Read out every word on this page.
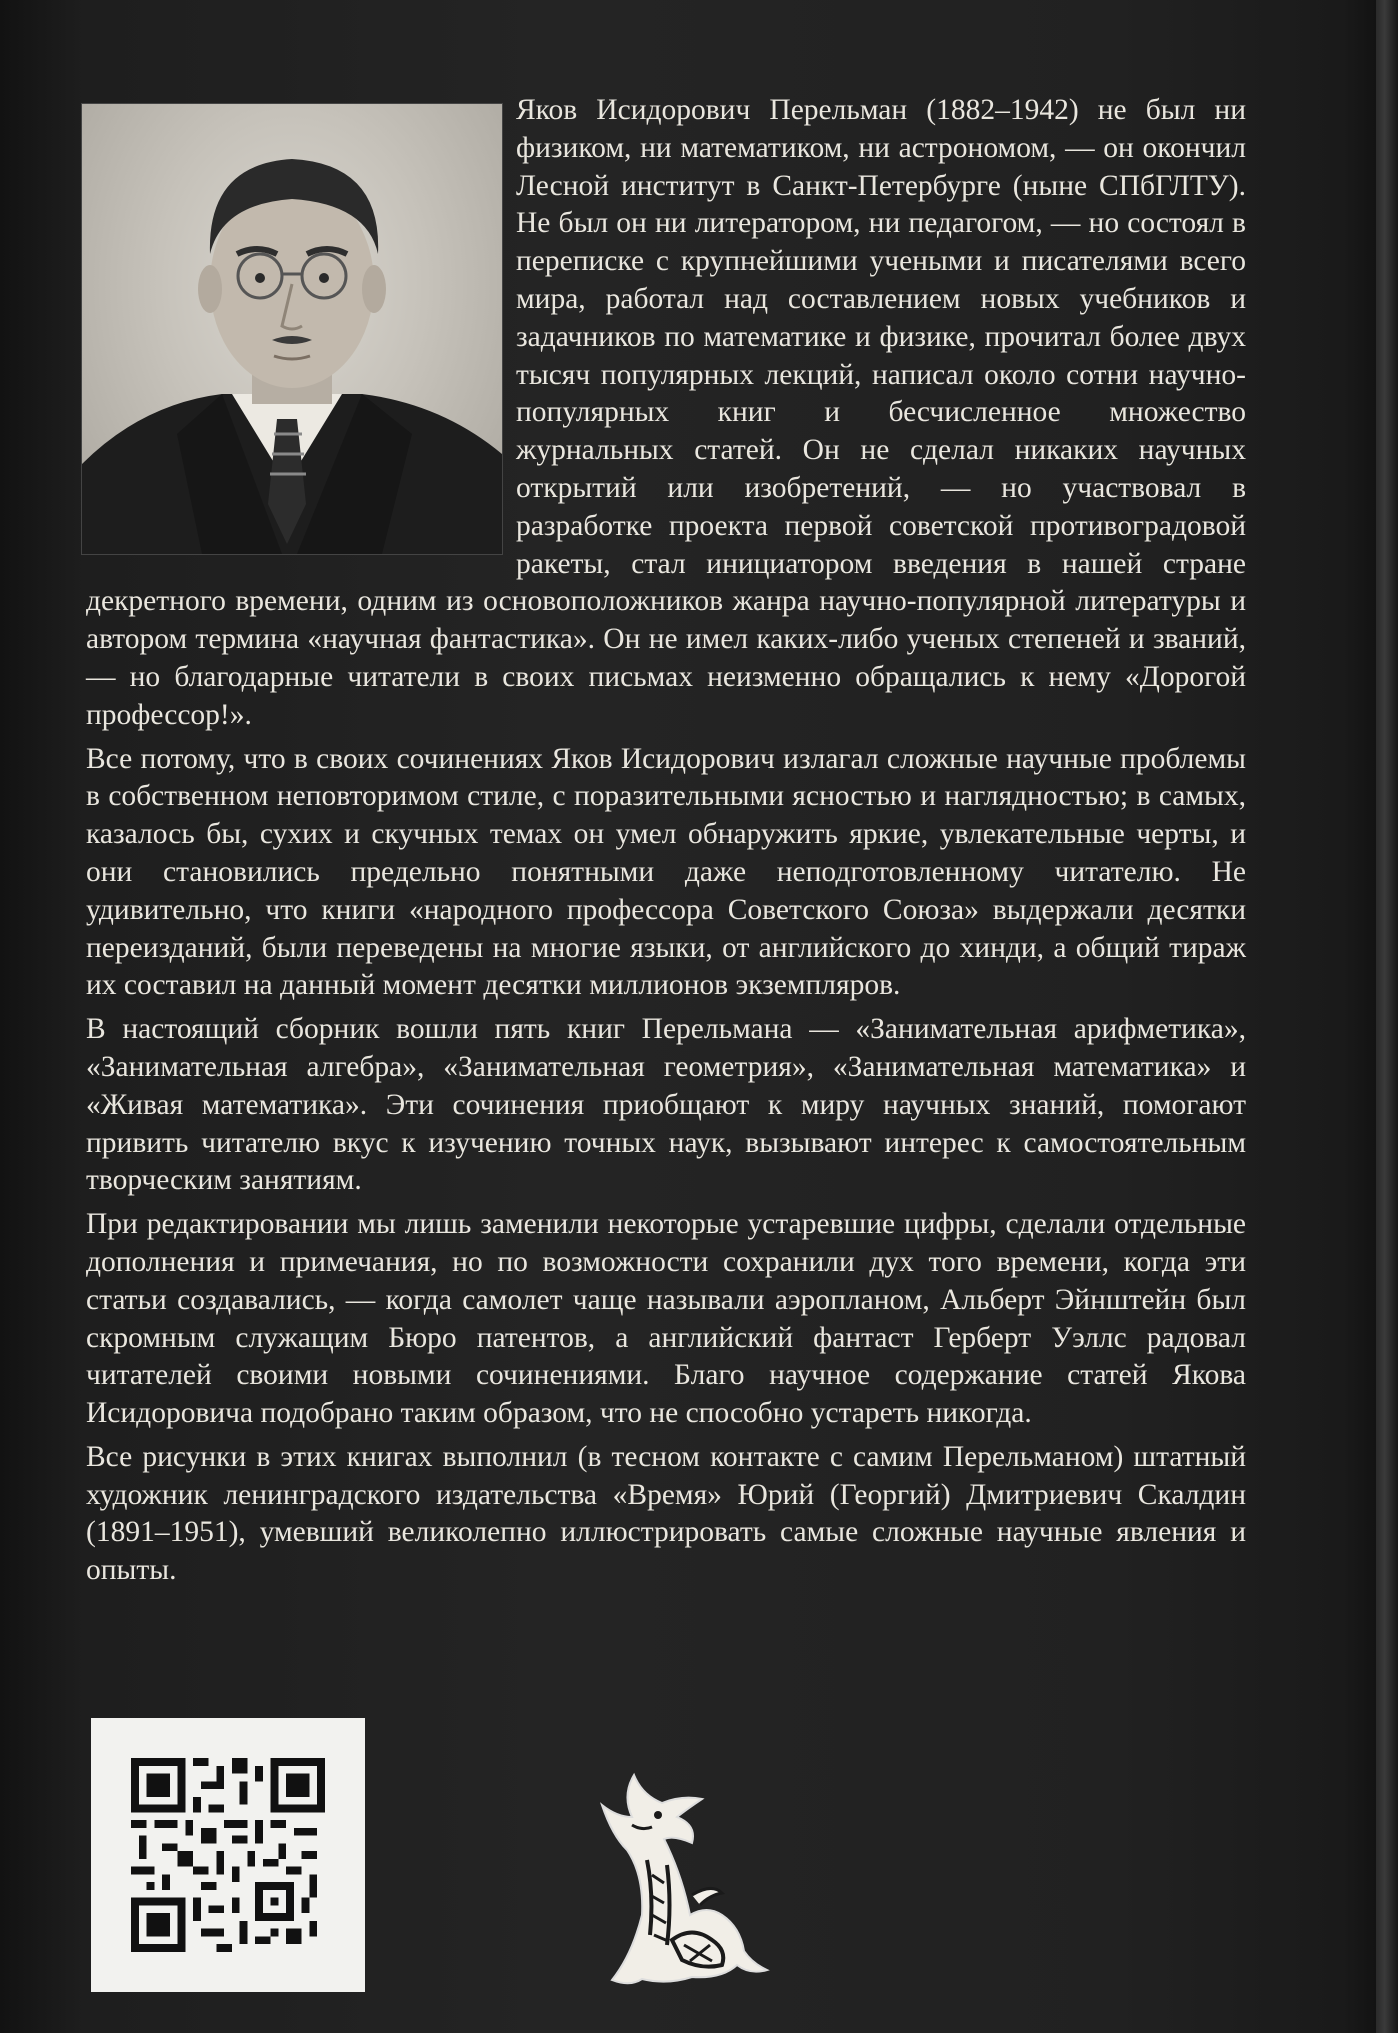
Яков Исидорович Перельман (1882–1942) не был ни физиком, ни математиком, ни астрономом, — он окончил Лесной институт в Санкт-Петербурге (ныне СПбГЛТУ). Не был он ни литератором, ни педагогом, — но состоял в переписке с крупнейшими учеными и писателями всего мира, работал над составлением новых учебников и задачников по математике и физике, прочитал более двух тысяч популярных лекций, написал около сотни научно-популярных книг и бесчисленное множество журнальных статей. Он не сделал никаких научных открытий или изобретений, — но участвовал в разработке проекта первой советской противоградовой ракеты, стал инициатором введения в нашей стране декретного времени, одним из основоположников жанра научно-популярной литературы и автором термина «научная фантастика». Он не имел каких-либо ученых степеней и званий, — но благодарные читатели в своих письмах неизменно обращались к нему «Дорогой профессор!».

Все потому, что в своих сочинениях Яков Исидорович излагал сложные научные проблемы в собственном неповторимом стиле, с поразительными ясностью и наглядностью; в самых, казалось бы, сухих и скучных темах он умел обнаружить яркие, увлекательные черты, и они становились предельно понятными даже неподготовленному читателю. Не удивительно, что книги «народного профессора Советского Союза» выдержали десятки переизданий, были переведены на многие языки, от английского до хинди, а общий тираж их составил на данный момент десятки миллионов экземпляров.

В настоящий сборник вошли пять книг Перельмана — «Занимательная арифметика», «Занимательная алгебра», «Занимательная геометрия», «Занимательная математика» и «Живая математика». Эти сочинения приобщают к миру научных знаний, помогают привить читателю вкус к изучению точных наук, вызывают интерес к самостоятельным творческим занятиям.

При редактировании мы лишь заменили некоторые устаревшие цифры, сделали отдельные дополнения и примечания, но по возможности сохранили дух того времени, когда эти статьи создавались, — когда самолет чаще называли аэропланом, Альберт Эйнштейн был скромным служащим Бюро патентов, а английский фантаст Герберт Уэллс радовал читателей своими новыми сочинениями. Благо научное содержание статей Якова Исидоровича подобрано таким образом, что не способно устареть никогда.

Все рисунки в этих книгах выполнил (в тесном контакте с самим Перельманом) штатный художник ленинградского издательства «Время» Юрий (Георгий) Дмитриевич Скалдин (1891–1951), умевший великолепно иллюстрировать самые сложные научные явления и опыты.
